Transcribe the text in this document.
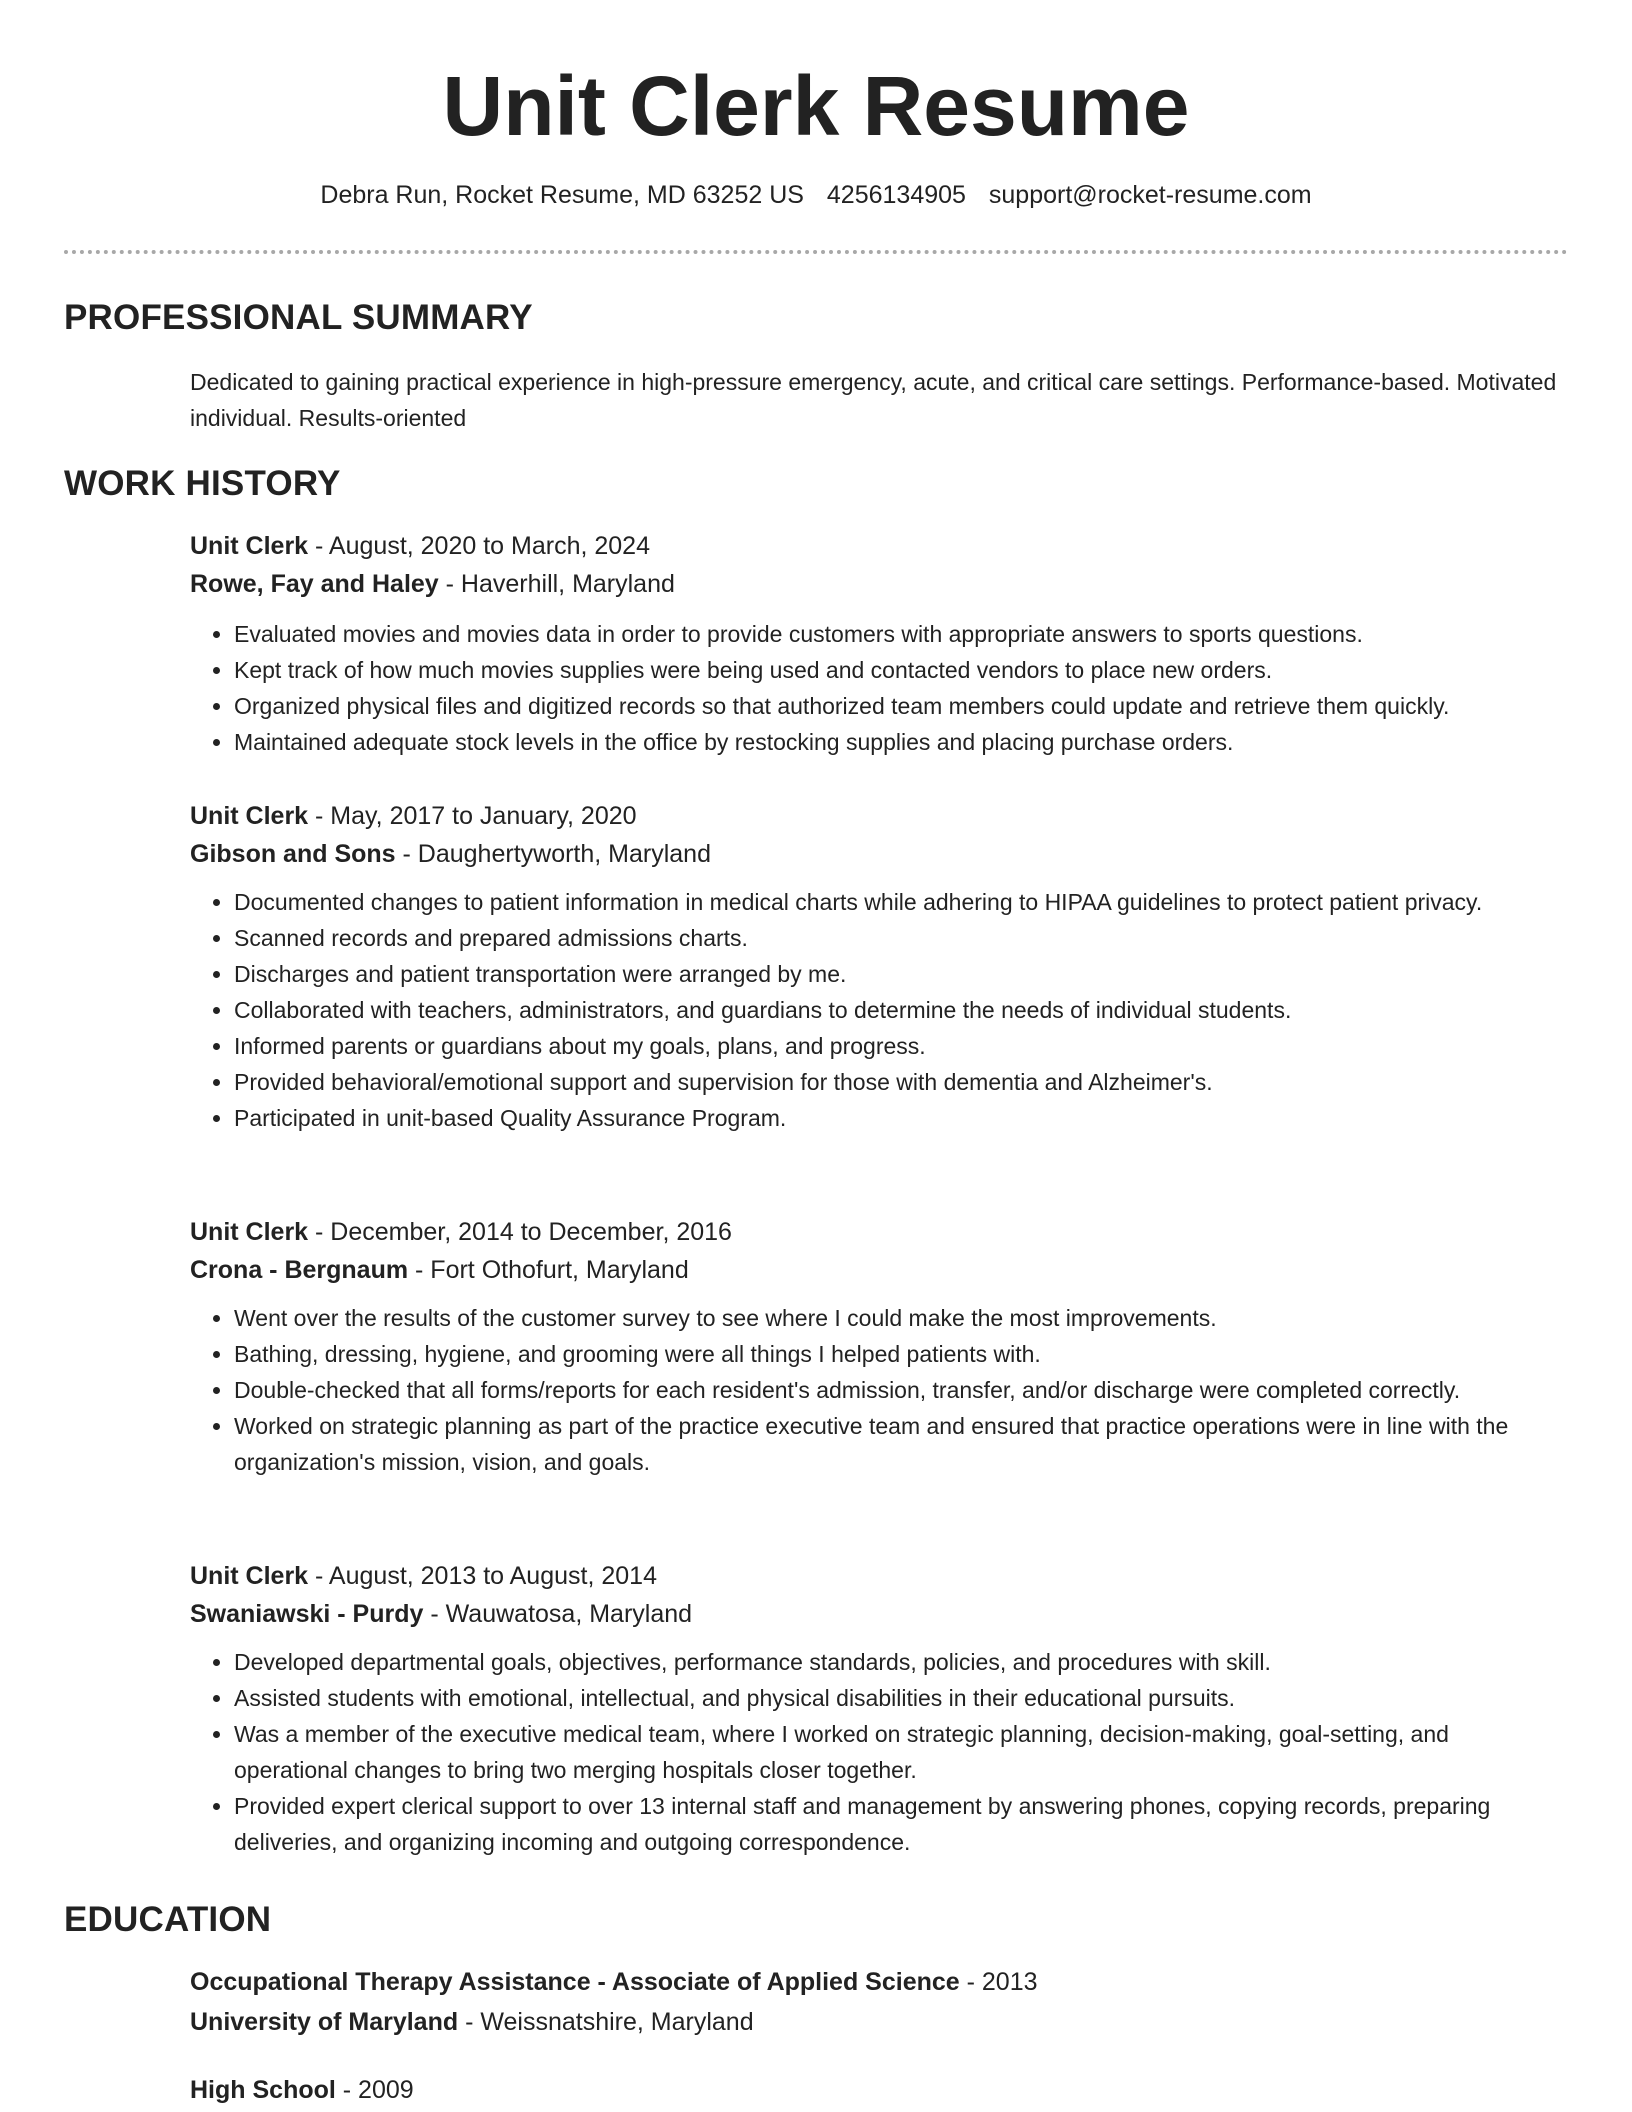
Unit Clerk Resume
Debra Run, Rocket Resume, MD 63252 US 4256134905 support@rocket-resume.com
PROFESSIONAL SUMMARY
Dedicated to gaining practical experience in high-pressure emergency, acute, and critical care settings. Performance-based. Motivated individual. Results-oriented
WORK HISTORY
Unit Clerk - August, 2020 to March, 2024
Rowe, Fay and Haley - Haverhill, Maryland
• Evaluated movies and movies data in order to provide customers with appropriate answers to sports questions.
• Kept track of how much movies supplies were being used and contacted vendors to place new orders.
• Organized physical files and digitized records so that authorized team members could update and retrieve them quickly.
• Maintained adequate stock levels in the office by restocking supplies and placing purchase orders.
Unit Clerk - May, 2017 to January, 2020
Gibson and Sons - Daughertyworth, Maryland
• Documented changes to patient information in medical charts while adhering to HIPAA guidelines to protect patient privacy.
• Scanned records and prepared admissions charts.
• Discharges and patient transportation were arranged by me.
• Collaborated with teachers, administrators, and guardians to determine the needs of individual students.
• Informed parents or guardians about my goals, plans, and progress.
• Provided behavioral/emotional support and supervision for those with dementia and Alzheimer's.
• Participated in unit-based Quality Assurance Program.
Unit Clerk - December, 2014 to December, 2016
Crona - Bergnaum - Fort Othofurt, Maryland
• Went over the results of the customer survey to see where I could make the most improvements.
• Bathing, dressing, hygiene, and grooming were all things I helped patients with.
• Double-checked that all forms/reports for each resident's admission, transfer, and/or discharge were completed correctly.
• Worked on strategic planning as part of the practice executive team and ensured that practice operations were in line with the organization's mission, vision, and goals.
Unit Clerk - August, 2013 to August, 2014
Swaniawski - Purdy - Wauwatosa, Maryland
• Developed departmental goals, objectives, performance standards, policies, and procedures with skill.
• Assisted students with emotional, intellectual, and physical disabilities in their educational pursuits.
• Was a member of the executive medical team, where I worked on strategic planning, decision-making, goal-setting, and operational changes to bring two merging hospitals closer together.
• Provided expert clerical support to over 13 internal staff and management by answering phones, copying records, preparing deliveries, and organizing incoming and outgoing correspondence.
EDUCATION
Occupational Therapy Assistance - Associate of Applied Science - 2013
University of Maryland - Weissnatshire, Maryland
High School - 2009
